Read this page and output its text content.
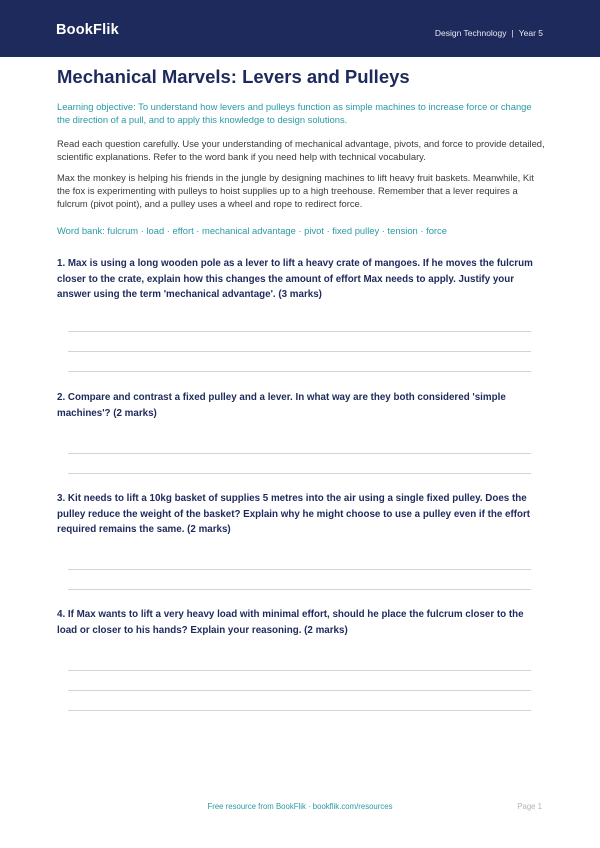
BookFlik	Design Technology | Year 5
Mechanical Marvels: Levers and Pulleys
Learning objective: To understand how levers and pulleys function as simple machines to increase force or change the direction of a pull, and to apply this knowledge to design solutions.
Read each question carefully. Use your understanding of mechanical advantage, pivots, and force to provide detailed, scientific explanations. Refer to the word bank if you need help with technical vocabulary.
Max the monkey is helping his friends in the jungle by designing machines to lift heavy fruit baskets. Meanwhile, Kit the fox is experimenting with pulleys to hoist supplies up to a high treehouse. Remember that a lever requires a fulcrum (pivot point), and a pulley uses a wheel and rope to redirect force.
Word bank: fulcrum · load · effort · mechanical advantage · pivot · fixed pulley · tension · force
1. Max is using a long wooden pole as a lever to lift a heavy crate of mangoes. If he moves the fulcrum closer to the crate, explain how this changes the amount of effort Max needs to apply. Justify your answer using the term 'mechanical advantage'. (3 marks)
2. Compare and contrast a fixed pulley and a lever. In what way are they both considered 'simple machines'? (2 marks)
3. Kit needs to lift a 10kg basket of supplies 5 metres into the air using a single fixed pulley. Does the pulley reduce the weight of the basket? Explain why he might choose to use a pulley even if the effort required remains the same. (2 marks)
4. If Max wants to lift a very heavy load with minimal effort, should he place the fulcrum closer to the load or closer to his hands? Explain your reasoning. (2 marks)
Free resource from BookFlik · bookflik.com/resources	Page 1
